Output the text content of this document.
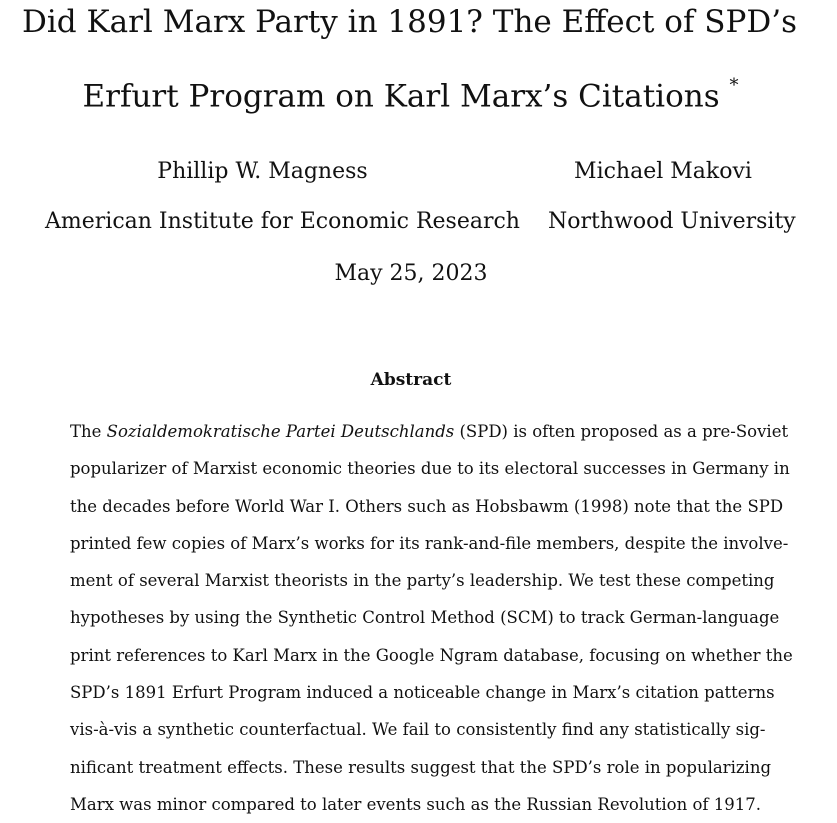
Did Karl Marx Party in 1891? The Effect of SPD’s
Erfurt Program on Karl Marx’s Citations *
Phillip W. Magness
American Institute for Economic Research
Michael Makovi
Northwood University
May 25, 2023
Abstract
The Sozialdemokratische Partei Deutschlands (SPD) is often proposed as a pre-Soviet
popularizer of Marxist economic theories due to its electoral successes in Germany in
the decades before World War I. Others such as Hobsbawm (1998) note that the SPD
printed few copies of Marx’s works for its rank-and-file members, despite the involve-
ment of several Marxist theorists in the party’s leadership. We test these competing
hypotheses by using the Synthetic Control Method (SCM) to track German-language
print references to Karl Marx in the Google Ngram database, focusing on whether the
SPD’s 1891 Erfurt Program induced a noticeable change in Marx’s citation patterns
vis-à-vis a synthetic counterfactual. We fail to consistently find any statistically sig-
nificant treatment effects. These results suggest that the SPD’s role in popularizing
Marx was minor compared to later events such as the Russian Revolution of 1917.
